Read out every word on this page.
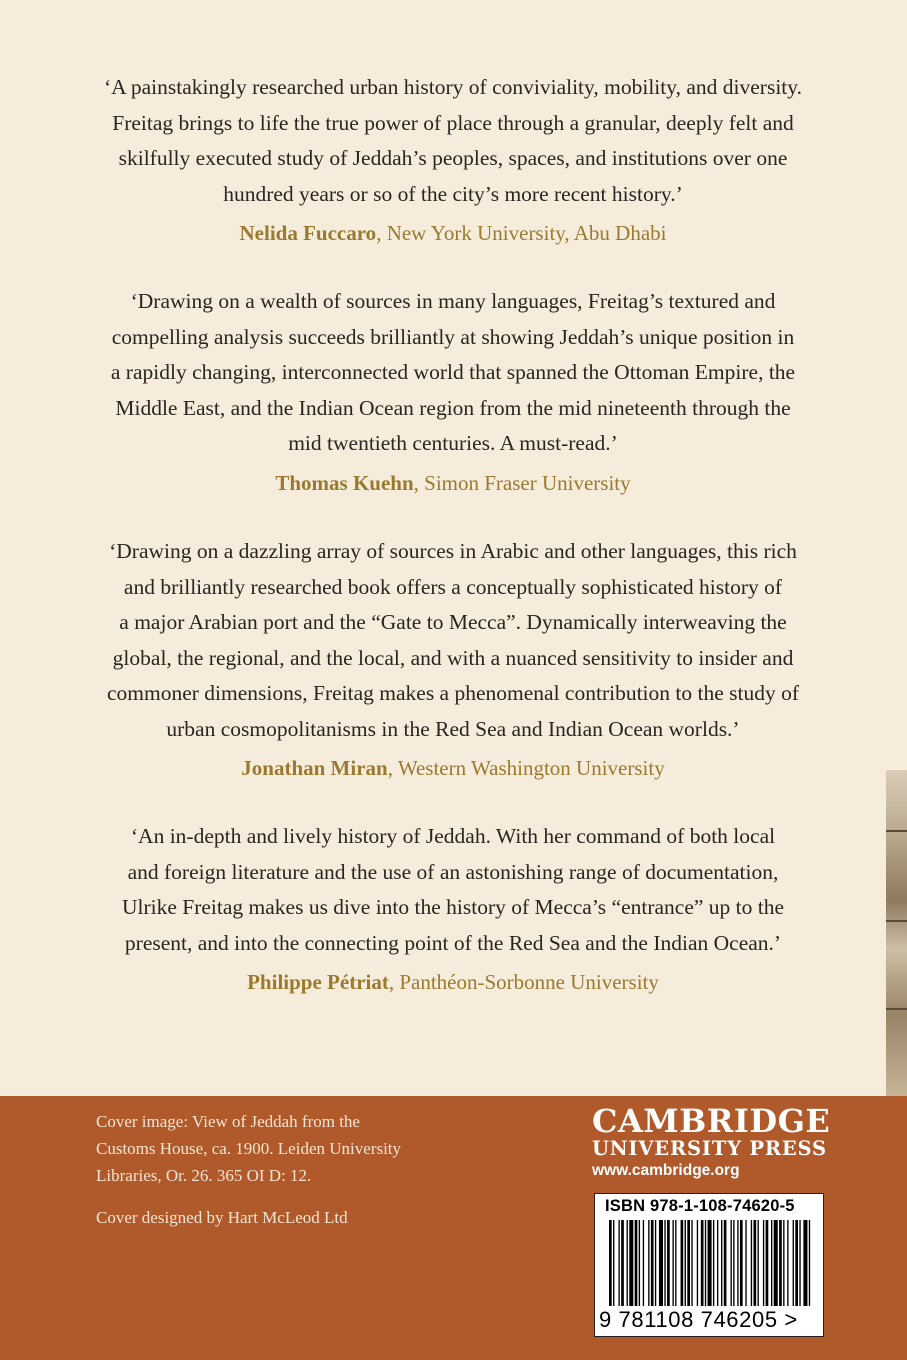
‘A painstakingly researched urban history of conviviality, mobility, and diversity.
Freitag brings to life the true power of place through a granular, deeply felt and
skilfully executed study of Jeddah’s peoples, spaces, and institutions over one
hundred years or so of the city’s more recent history.’

Nelida Fuccaro, New York University, Abu Dhabi

‘Drawing on a wealth of sources in many languages, Freitag’s textured and
compelling analysis succeeds brilliantly at showing Jeddah’s unique position in
a rapidly changing, interconnected world that spanned the Ottoman Empire, the
Middle East, and the Indian Ocean region from the mid nineteenth through the
mid twentieth centuries. A must-read.’

Thomas Kuehn, Simon Fraser University

‘Drawing on a dazzling array of sources in Arabic and other languages, this rich
and brilliantly researched book offers a conceptually sophisticated history of
a major Arabian port and the “Gate to Mecca”. Dynamically interweaving the
global, the regional, and the local, and with a nuanced sensitivity to insider and
commoner dimensions, Freitag makes a phenomenal contribution to the study of
urban cosmopolitanisms in the Red Sea and Indian Ocean worlds.’

Jonathan Miran, Western Washington University

‘An in-depth and lively history of Jeddah. With her command of both local
and foreign literature and the use of an astonishing range of documentation,
Ulrike Freitag makes us dive into the history of Mecca’s “entrance” up to the
present, and into the connecting point of the Red Sea and the Indian Ocean.’

Philippe Pétriat, Panthéon-Sorbonne University

Cover image: View of Jeddah from the
Customs House, ca. 1900. Leiden University
Libraries, Or. 26. 365 OI D: 12.

Cover designed by Hart McLeod Ltd

CAMBRIDGE
UNIVERSITY PRESS
www.cambridge.org
ISBN 978-1-108-74620-5
9 781108 746205 >
